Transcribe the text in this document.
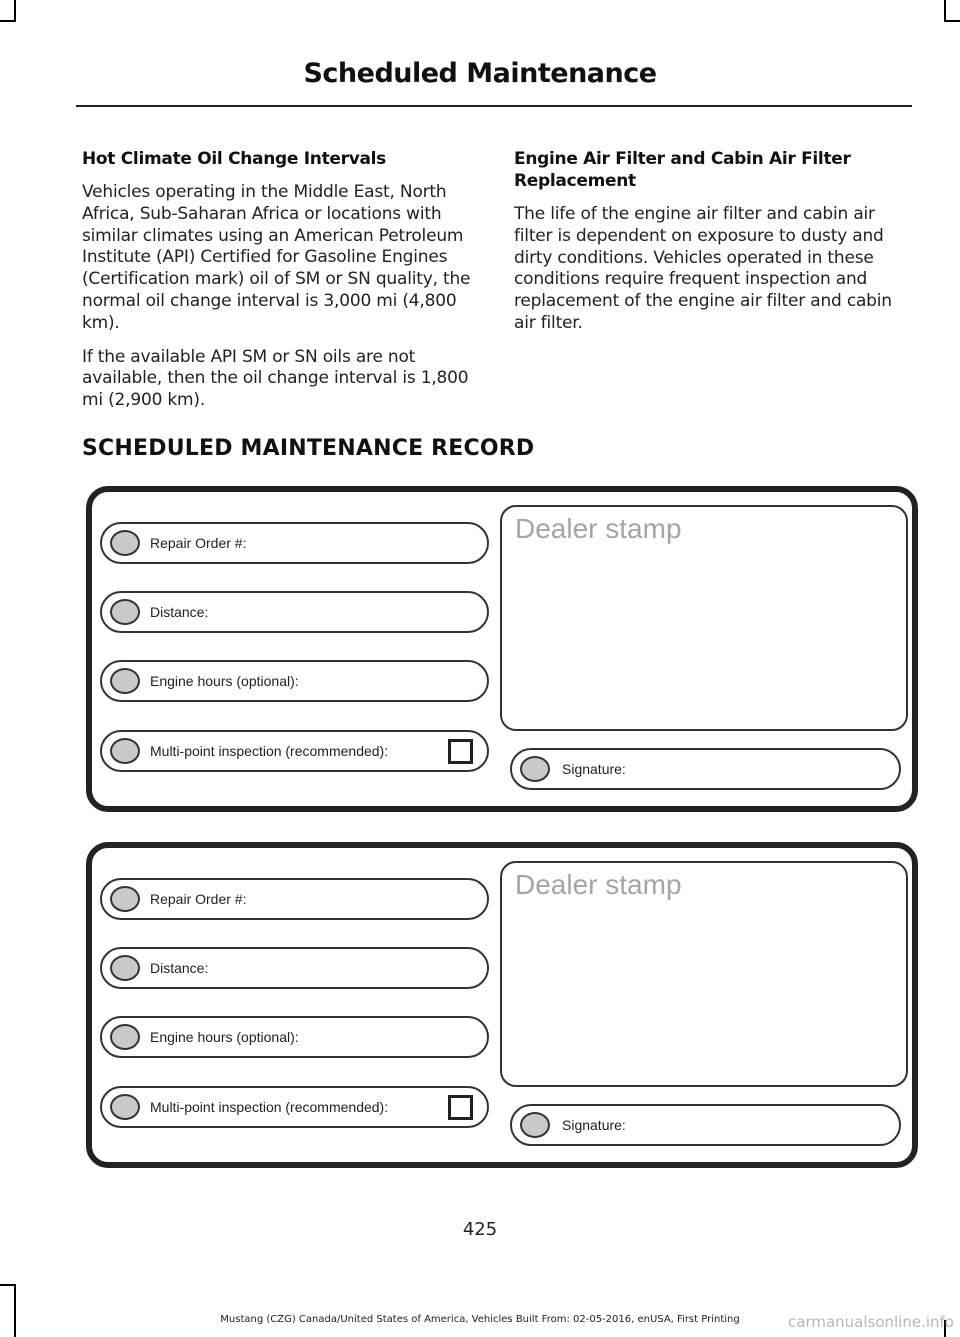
Scheduled Maintenance
Hot Climate Oil Change Intervals

Vehicles operating in the Middle East, North Africa, Sub-Saharan Africa or locations with similar climates using an American Petroleum Institute (API) Certified for Gasoline Engines (Certification mark) oil of SM or SN quality, the normal oil change interval is 3,000 mi (4,800 km).

If the available API SM or SN oils are not available, then the oil change interval is 1,800 mi (2,900 km).

Engine Air Filter and Cabin Air Filter Replacement

The life of the engine air filter and cabin air filter is dependent on exposure to dusty and dirty conditions. Vehicles operated in these conditions require frequent inspection and replacement of the engine air filter and cabin air filter.

SCHEDULED MAINTENANCE RECORD
Repair Order #:
Distance:
Engine hours (optional):
Multi-point inspection (recommended):
Dealer stamp
Signature:
Repair Order #:
Distance:
Engine hours (optional):
Multi-point inspection (recommended):
Dealer stamp
Signature:
425
Mustang (CZG) Canada/United States of America, Vehicles Built From: 02-05-2016, enUSA, First Printing	carmanualsonline.info
